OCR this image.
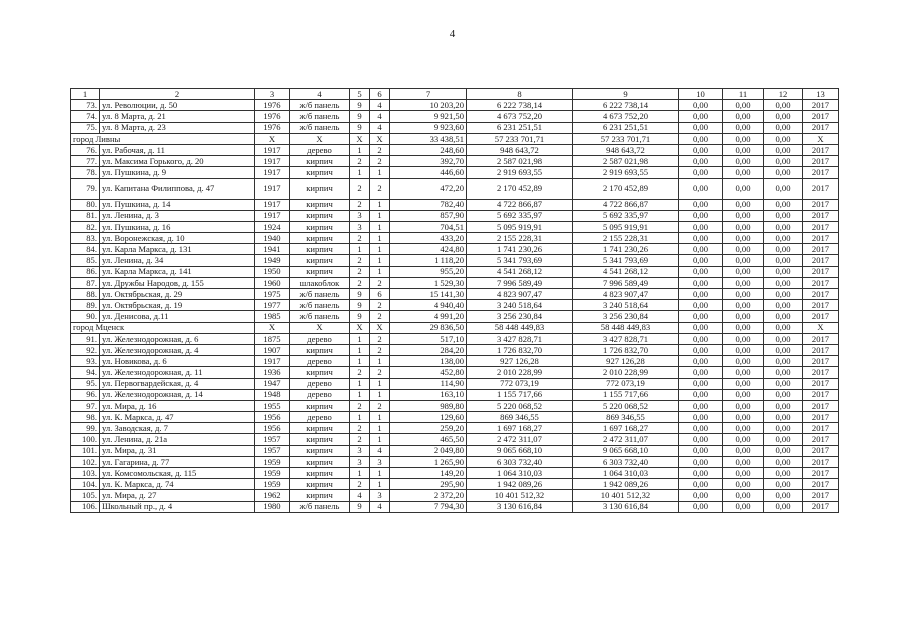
4
1	2	3	4	5	6	7	8	9	10	11	12	13
73.	ул. Революции, д. 50	1976	ж/б панель	9	4	10 203,20	6 222 738,14	6 222 738,14	0,00	0,00	0,00	2017
74.	ул. 8 Марта, д. 21	1976	ж/б панель	9	4	9 921,50	4 673 752,20	4 673 752,20	0,00	0,00	0,00	2017
75.	ул. 8 Марта, д. 23	1976	ж/б панель	9	4	9 923,60	6 231 251,51	6 231 251,51	0,00	0,00	0,00	2017
город Ливны		Х	Х	Х	Х	33 438,51	57 233 701,71	57 233 701,71	0,00	0,00	0,00	Х
76.	ул. Рабочая, д. 11	1917	дерево	1	2	248,60	948 643,72	948 643,72	0,00	0,00	0,00	2017
77.	ул. Максима Горького, д. 20	1917	кирпич	2	2	392,70	2 587 021,98	2 587 021,98	0,00	0,00	0,00	2017
78.	ул. Пушкина, д. 9	1917	кирпич	1	1	446,60	2 919 693,55	2 919 693,55	0,00	0,00	0,00	2017
79.	ул. Капитана Филиппова, д. 47	1917	кирпич	2	2	472,20	2 170 452,89	2 170 452,89	0,00	0,00	0,00	2017
80.	ул. Пушкина, д. 14	1917	кирпич	2	1	782,40	4 722 866,87	4 722 866,87	0,00	0,00	0,00	2017
81.	ул. Ленина, д. 3	1917	кирпич	3	1	857,90	5 692 335,97	5 692 335,97	0,00	0,00	0,00	2017
82.	ул. Пушкина, д. 16	1924	кирпич	3	1	704,51	5 095 919,91	5 095 919,91	0,00	0,00	0,00	2017
83.	ул. Воронежская, д. 10	1940	кирпич	2	1	433,20	2 155 228,31	2 155 228,31	0,00	0,00	0,00	2017
84.	ул. Карла Маркса, д. 131	1941	кирпич	1	1	424,80	1 741 230,26	1 741 230,26	0,00	0,00	0,00	2017
85.	ул. Ленина, д. 34	1949	кирпич	2	1	1 118,20	5 341 793,69	5 341 793,69	0,00	0,00	0,00	2017
86.	ул. Карла Маркса, д. 141	1950	кирпич	2	1	955,20	4 541 268,12	4 541 268,12	0,00	0,00	0,00	2017
87.	ул. Дружбы Народов, д. 155	1960	шлакоблок	2	2	1 529,30	7 996 589,49	7 996 589,49	0,00	0,00	0,00	2017
88.	ул. Октябрьская, д. 29	1975	ж/б панель	9	6	15 141,30	4 823 907,47	4 823 907,47	0,00	0,00	0,00	2017
89.	ул. Октябрьская, д. 19	1977	ж/б панель	9	2	4 940,40	3 240 518,64	3 240 518,64	0,00	0,00	0,00	2017
90.	ул. Денисова, д.11	1985	ж/б панель	9	2	4 991,20	3 256 230,84	3 256 230,84	0,00	0,00	0,00	2017
город Мценск		Х	Х	Х	Х	29 836,50	58 448 449,83	58 448 449,83	0,00	0,00	0,00	Х
91.	ул. Железнодорожная, д. 6	1875	дерево	1	2	517,10	3 427 828,71	3 427 828,71	0,00	0,00	0,00	2017
92.	ул. Железнодорожная, д. 4	1907	кирпич	1	2	284,20	1 726 832,70	1 726 832,70	0,00	0,00	0,00	2017
93.	ул. Новикова, д. 6	1917	дерево	1	1	138,00	927 126,28	927 126,28	0,00	0,00	0,00	2017
94.	ул. Железнодорожная, д. 11	1936	кирпич	2	2	452,80	2 010 228,99	2 010 228,99	0,00	0,00	0,00	2017
95.	ул. Первогвардейская, д. 4	1947	дерево	1	1	114,90	772 073,19	772 073,19	0,00	0,00	0,00	2017
96.	ул. Железнодорожная, д. 14	1948	дерево	1	1	163,10	1 155 717,66	1 155 717,66	0,00	0,00	0,00	2017
97.	ул. Мира, д. 16	1955	кирпич	2	2	989,80	5 220 068,52	5 220 068,52	0,00	0,00	0,00	2017
98.	ул. К. Маркса, д. 47	1956	дерево	1	1	129,60	869 346,55	869 346,55	0,00	0,00	0,00	2017
99.	ул. Заводская, д. 7	1956	кирпич	2	1	259,20	1 697 168,27	1 697 168,27	0,00	0,00	0,00	2017
100.	ул. Ленина, д. 21а	1957	кирпич	2	1	465,50	2 472 311,07	2 472 311,07	0,00	0,00	0,00	2017
101.	ул. Мира, д. 31	1957	кирпич	3	4	2 049,80	9 065 668,10	9 065 668,10	0,00	0,00	0,00	2017
102.	ул. Гагарина, д. 77	1959	кирпич	3	3	1 265,90	6 303 732,40	6 303 732,40	0,00	0,00	0,00	2017
103.	ул. Комсомольская, д. 115	1959	кирпич	1	1	149,20	1 064 310,03	1 064 310,03	0,00	0,00	0,00	2017
104.	ул. К. Маркса, д. 74	1959	кирпич	2	1	295,90	1 942 089,26	1 942 089,26	0,00	0,00	0,00	2017
105.	ул. Мира, д. 27	1962	кирпич	4	3	2 372,20	10 401 512,32	10 401 512,32	0,00	0,00	0,00	2017
106.	Школьный пр., д. 4	1980	ж/б панель	9	4	7 794,30	3 130 616,84	3 130 616,84	0,00	0,00	0,00	2017
